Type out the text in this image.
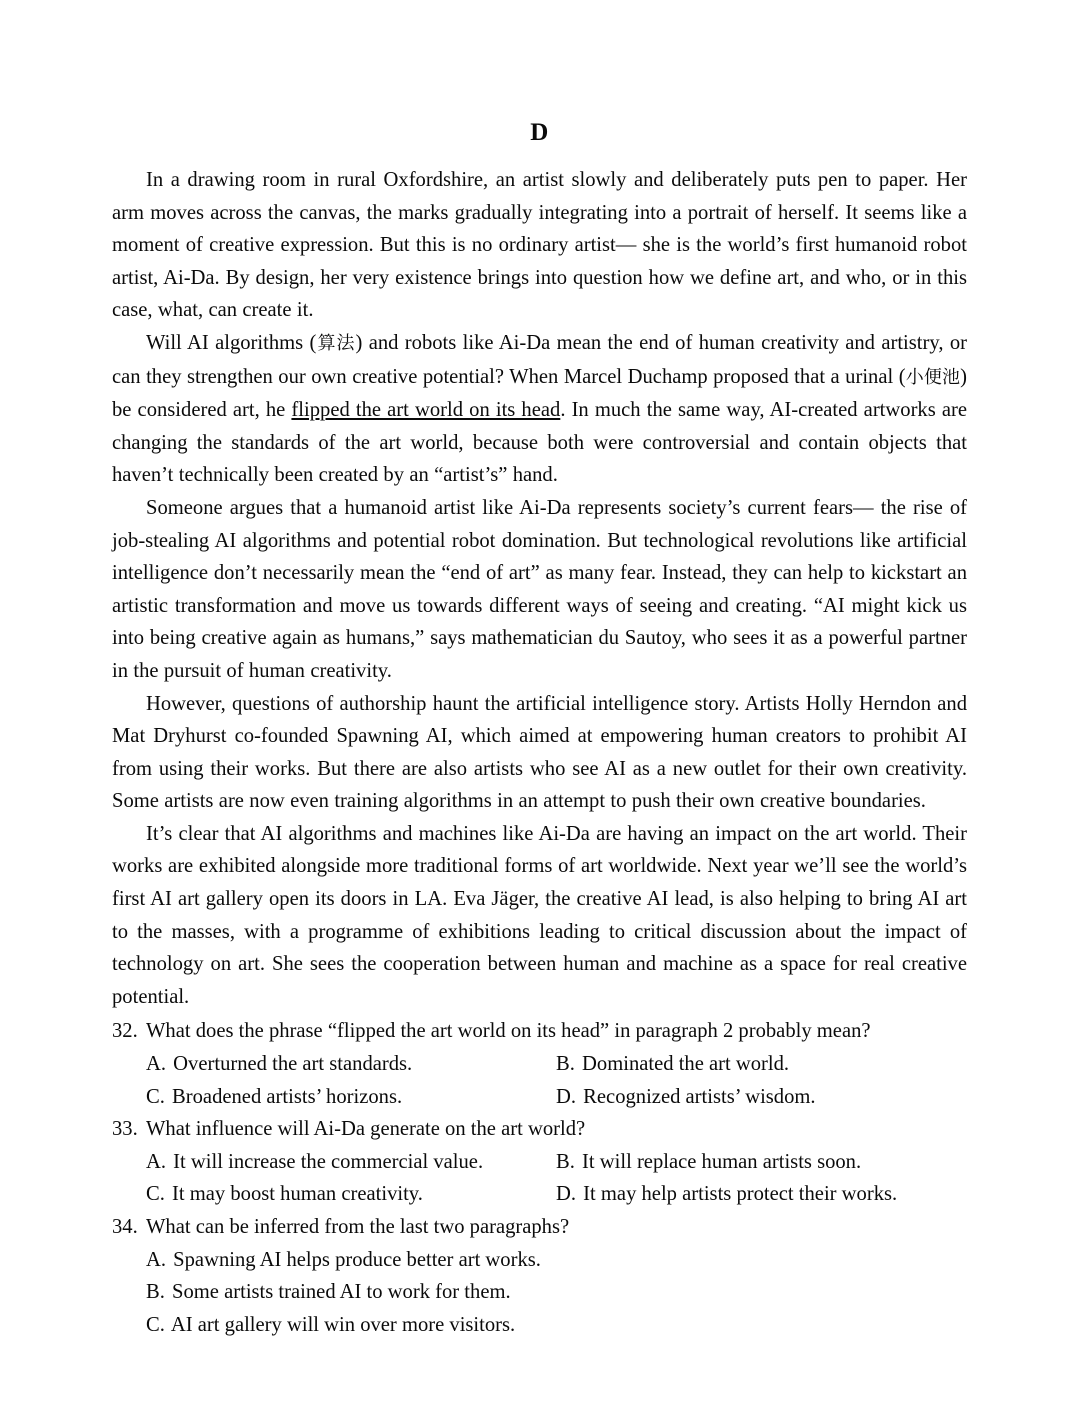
D

In a drawing room in rural Oxfordshire, an artist slowly and deliberately puts pen to paper. Her arm moves across the canvas, the marks gradually integrating into a portrait of herself. It seems like a moment of creative expression. But this is no ordinary artist— she is the world’s first humanoid robot artist, Ai-Da. By design, her very existence brings into question how we define art, and who, or in this case, what, can create it.

Will AI algorithms (算法) and robots like Ai-Da mean the end of human creativity and artistry, or can they strengthen our own creative potential? When Marcel Duchamp proposed that a urinal (小便池) be considered art, he flipped the art world on its head. In much the same way, AI-created artworks are changing the standards of the art world, because both were controversial and contain objects that haven’t technically been created by an “artist’s” hand.

Someone argues that a humanoid artist like Ai-Da represents society’s current fears— the rise of job-stealing AI algorithms and potential robot domination. But technological revolutions like artificial intelligence don’t necessarily mean the “end of art” as many fear. Instead, they can help to kickstart an artistic transformation and move us towards different ways of seeing and creating. “AI might kick us into being creative again as humans,” says mathematician du Sautoy, who sees it as a powerful partner in the pursuit of human creativity.

However, questions of authorship haunt the artificial intelligence story. Artists Holly Herndon and Mat Dryhurst co-founded Spawning AI, which aimed at empowering human creators to prohibit AI from using their works. But there are also artists who see AI as a new outlet for their own creativity. Some artists are now even training algorithms in an attempt to push their own creative boundaries.

It’s clear that AI algorithms and machines like Ai-Da are having an impact on the art world. Their works are exhibited alongside more traditional forms of art worldwide. Next year we’ll see the world’s first AI art gallery open its doors in LA. Eva Jäger, the creative AI lead, is also helping to bring AI art to the masses, with a programme of exhibitions leading to critical discussion about the impact of technology on art. She sees the cooperation between human and machine as a space for real creative potential.

32. What does the phrase “flipped the art world on its head” in paragraph 2 probably mean?
A. Overturned the art standards.	B. Dominated the art world.
C. Broadened artists’ horizons.	D. Recognized artists’ wisdom.
33. What influence will Ai-Da generate on the art world?
A. It will increase the commercial value.	B. It will replace human artists soon.
C. It may boost human creativity.	D. It may help artists protect their works.
34. What can be inferred from the last two paragraphs?
A. Spawning AI helps produce better art works.
B. Some artists trained AI to work for them.
C. AI art gallery will win over more visitors.
